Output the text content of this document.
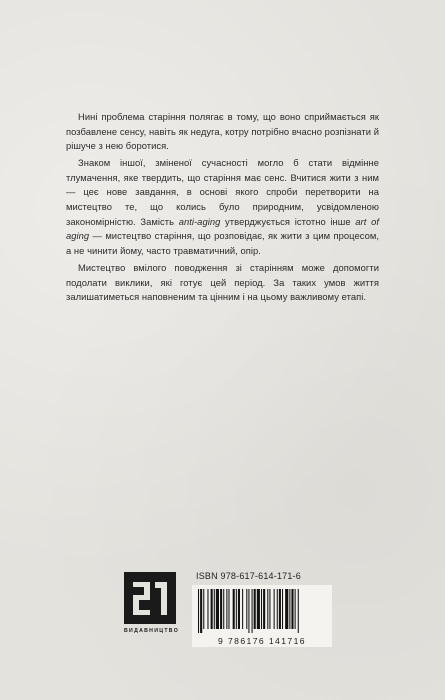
Нині проблема старіння полягає в тому, що воно сприймається як позбавлене сенсу, навіть як недуга, котру потрібно вчасно розпізнати й рішуче з нею боротися.

Знаком іншої, зміненої сучасності могло б стати відмінне тлумачення, яке твердить, що старіння має сенс. Вчитися жити з ним — цеє нове завдання, в основі якого спроби перетворити на мистецтво те, що колись було природним, усвідомленою закономірністю. Замість anti-aging утверджується істотно інше art of aging — мистецтво старіння, що розповідає, як жити з цим процесом, а не чинити йому, часто травматичний, опір.

Мистецтво вмілого поводження зі старінням може допомогти подолати виклики, які готує цей період. За таких умов життя залишатиметься наповненим та цінним і на цьому важливому етапі.

ВИДАВНИЦТВО
ISBN 978-617-614-171-6
9 786176 141716
